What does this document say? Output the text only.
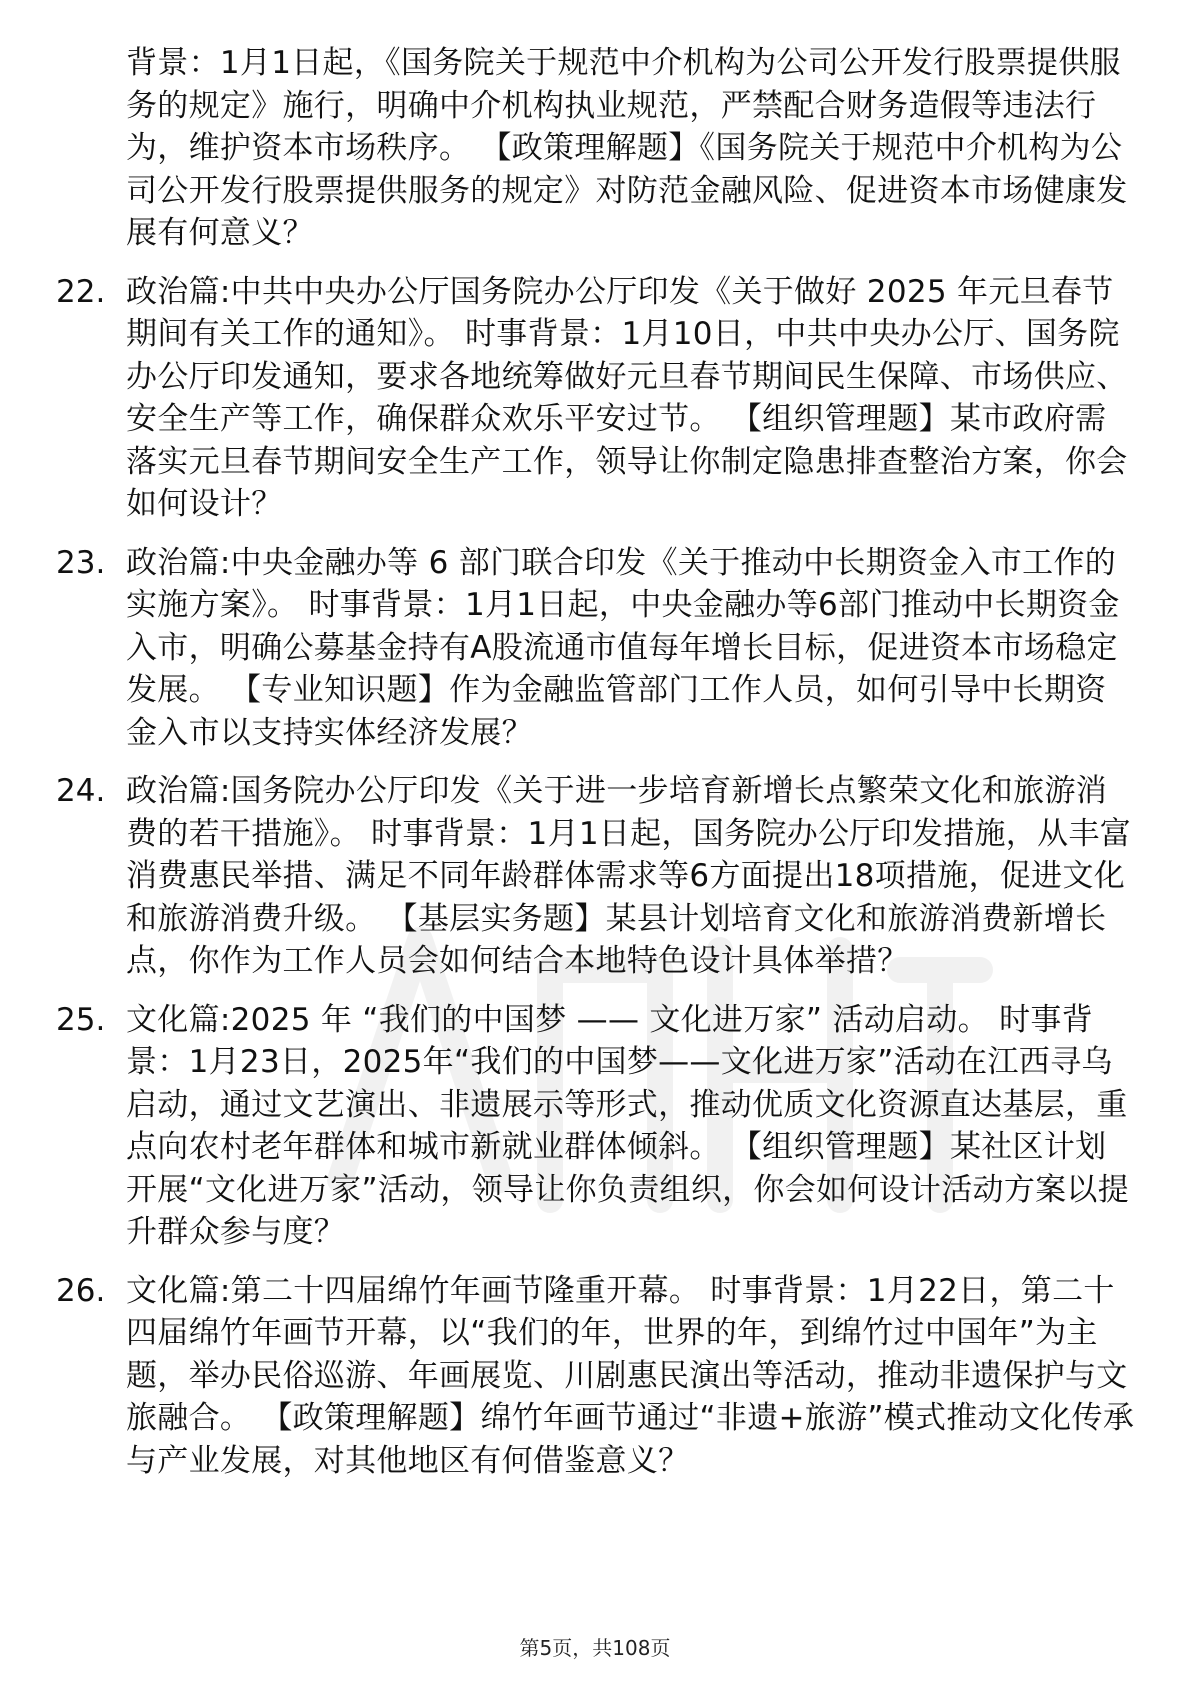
背景：1月1日起，《国务院关于规范中介机构为公司公开发行股票提供服务的规定》施行，明确中介机构执业规范，严禁配合财务造假等违法行为，维护资本市场秩序。 【政策理解题】《国务院关于规范中介机构为公司公开发行股票提供服务的规定》对防范金融风险、促进资本市场健康发展有何意义？
22. 政治篇:中共中央办公厅国务院办公厅印发《关于做好 2025 年元旦春节期间有关工作的通知》。 时事背景：1月10日，中共中央办公厅、国务院办公厅印发通知，要求各地统筹做好元旦春节期间民生保障、市场供应、安全生产等工作，确保群众欢乐平安过节。 【组织管理题】某市政府需落实元旦春节期间安全生产工作，领导让你制定隐患排查整治方案，你会如何设计？
23. 政治篇:中央金融办等 6 部门联合印发《关于推动中长期资金入市工作的实施方案》。 时事背景：1月1日起，中央金融办等6部门推动中长期资金入市，明确公募基金持有A股流通市值每年增长目标，促进资本市场稳定发展。 【专业知识题】作为金融监管部门工作人员，如何引导中长期资金入市以支持实体经济发展？
24. 政治篇:国务院办公厅印发《关于进一步培育新增长点繁荣文化和旅游消费的若干措施》。 时事背景：1月1日起，国务院办公厅印发措施，从丰富消费惠民举措、满足不同年龄群体需求等6方面提出18项措施，促进文化和旅游消费升级。 【基层实务题】某县计划培育文化和旅游消费新增长点，你作为工作人员会如何结合本地特色设计具体举措？
25. 文化篇:2025 年 “我们的中国梦 —— 文化进万家” 活动启动。 时事背景：1月23日，2025年“我们的中国梦——文化进万家”活动在江西寻乌启动，通过文艺演出、非遗展示等形式，推动优质文化资源直达基层，重点向农村老年群体和城市新就业群体倾斜。 【组织管理题】某社区计划开展“文化进万家”活动，领导让你负责组织，你会如何设计活动方案以提升群众参与度？
26. 文化篇:第二十四届绵竹年画节隆重开幕。 时事背景：1月22日，第二十四届绵竹年画节开幕，以“我们的年，世界的年，到绵竹过中国年”为主题，举办民俗巡游、年画展览、川剧惠民演出等活动，推动非遗保护与文旅融合。 【政策理解题】绵竹年画节通过“非遗+旅游”模式推动文化传承与产业发展，对其他地区有何借鉴意义？
第5页，共108页
